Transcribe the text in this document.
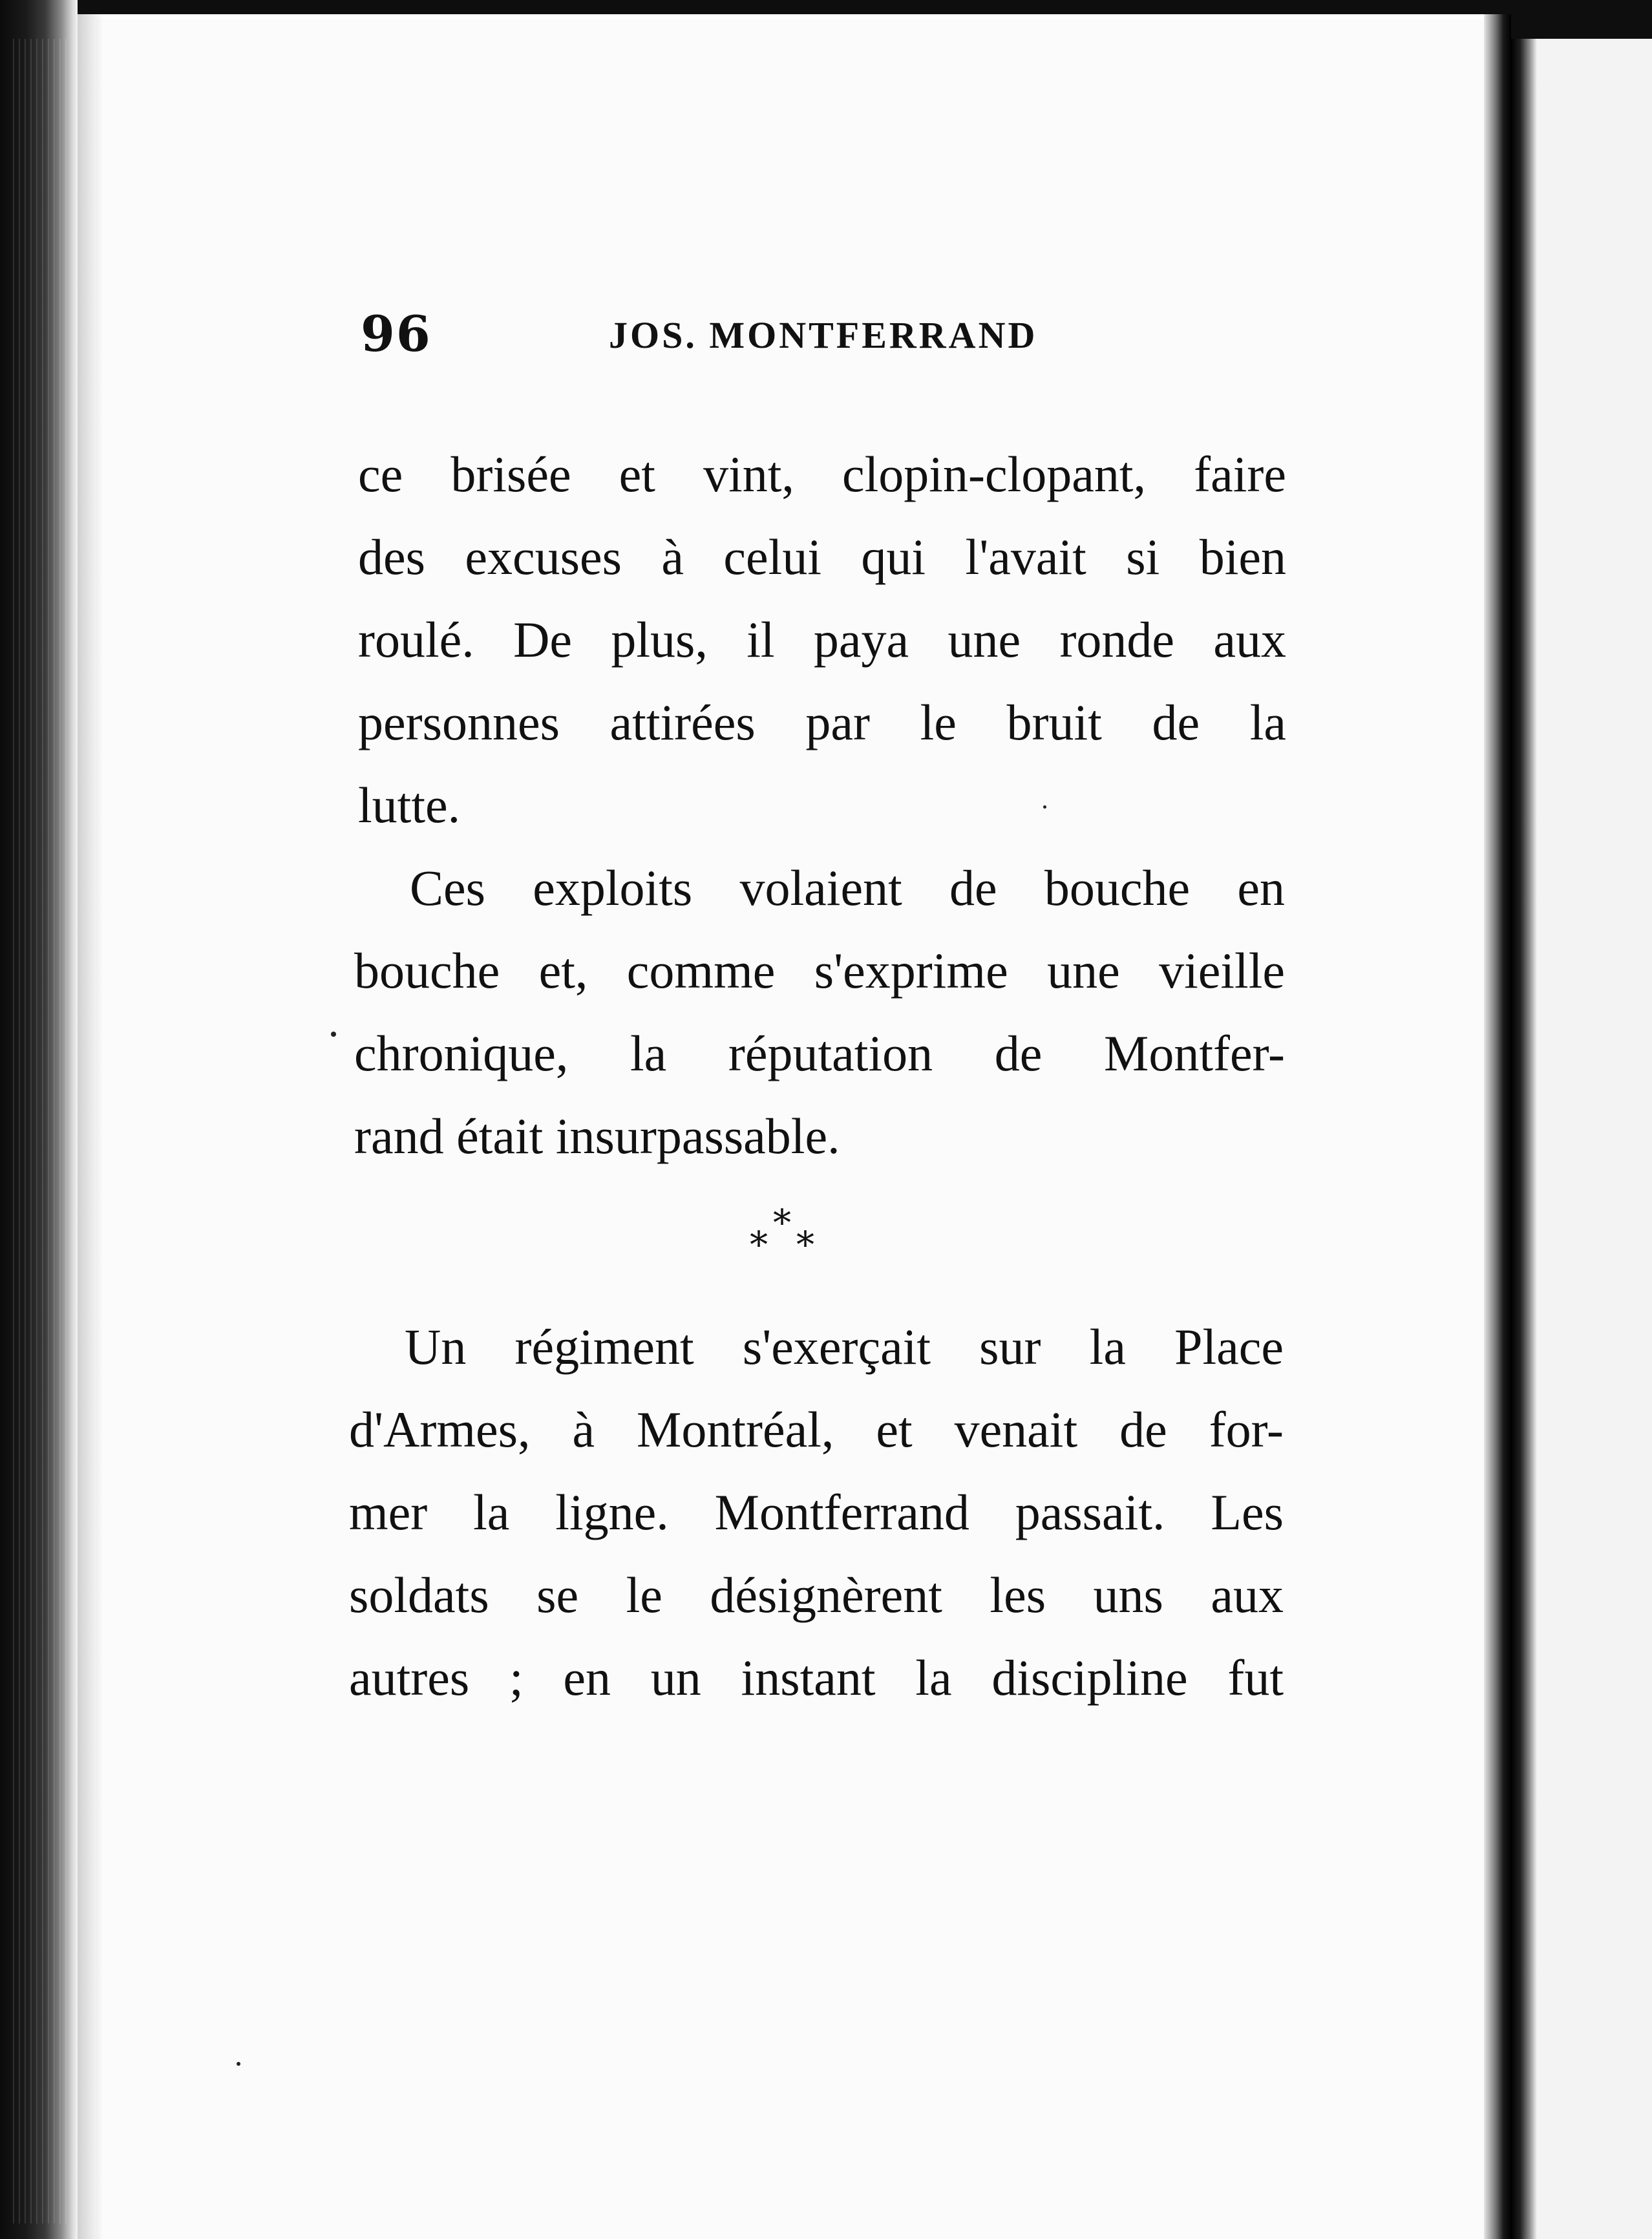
96	JOS. MONTFERRAND
ce brisée et vint, clopin-clopant, faire
des excuses à celui qui l'avait si bien
roulé. De plus, il paya une ronde aux
personnes attirées par le bruit de la
lutte.
Ces exploits volaient de bouche en
bouche et, comme s'exprime une vieille
chronique, la réputation de Montfer-
rand était insurpassable.
*
* *
Un régiment s'exerçait sur la Place
d'Armes, à Montréal, et venait de for-
mer la ligne. Montferrand passait. Les
soldats se le désignèrent les uns aux
autres ; en un instant la discipline fut
